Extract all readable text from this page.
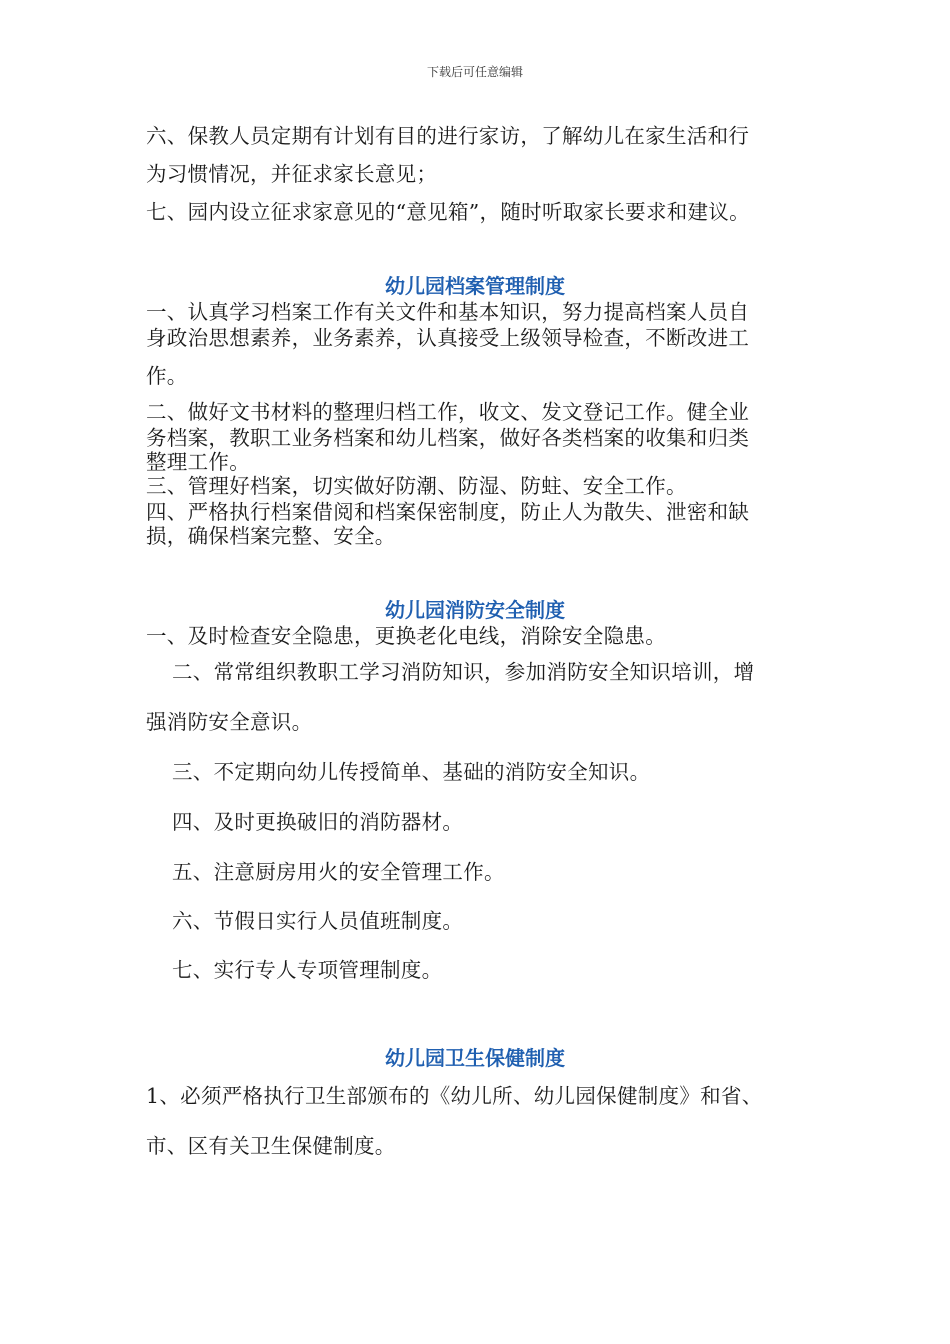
下载后可任意编辑
六、保教人员定期有计划有目的进行家访，了解幼儿在家生活和行
为习惯情况，并征求家长意见；
七、园内设立征求家意见的“意见箱”，随时听取家长要求和建议。
幼儿园档案管理制度
一、认真学习档案工作有关文件和基本知识，努力提高档案人员自
身政治思想素养，业务素养，认真接受上级领导检查，不断改进工
作。
二、做好文书材料的整理归档工作，收文、发文登记工作。健全业
务档案，教职工业务档案和幼儿档案，做好各类档案的收集和归类
整理工作。
三、管理好档案，切实做好防潮、防湿、防蛀、安全工作。
四、严格执行档案借阅和档案保密制度，防止人为散失、泄密和缺
损，确保档案完整、安全。
幼儿园消防安全制度
一、及时检查安全隐患，更换老化电线，消除安全隐患。
二、常常组织教职工学习消防知识，参加消防安全知识培训，增
强消防安全意识。
三、不定期向幼儿传授简单、基础的消防安全知识。
四、及时更换破旧的消防器材。
五、注意厨房用火的安全管理工作。
六、节假日实行人员值班制度。
七、实行专人专项管理制度。
幼儿园卫生保健制度
1、必须严格执行卫生部颁布的《幼儿所、幼儿园保健制度》和省、
市、区有关卫生保健制度。
